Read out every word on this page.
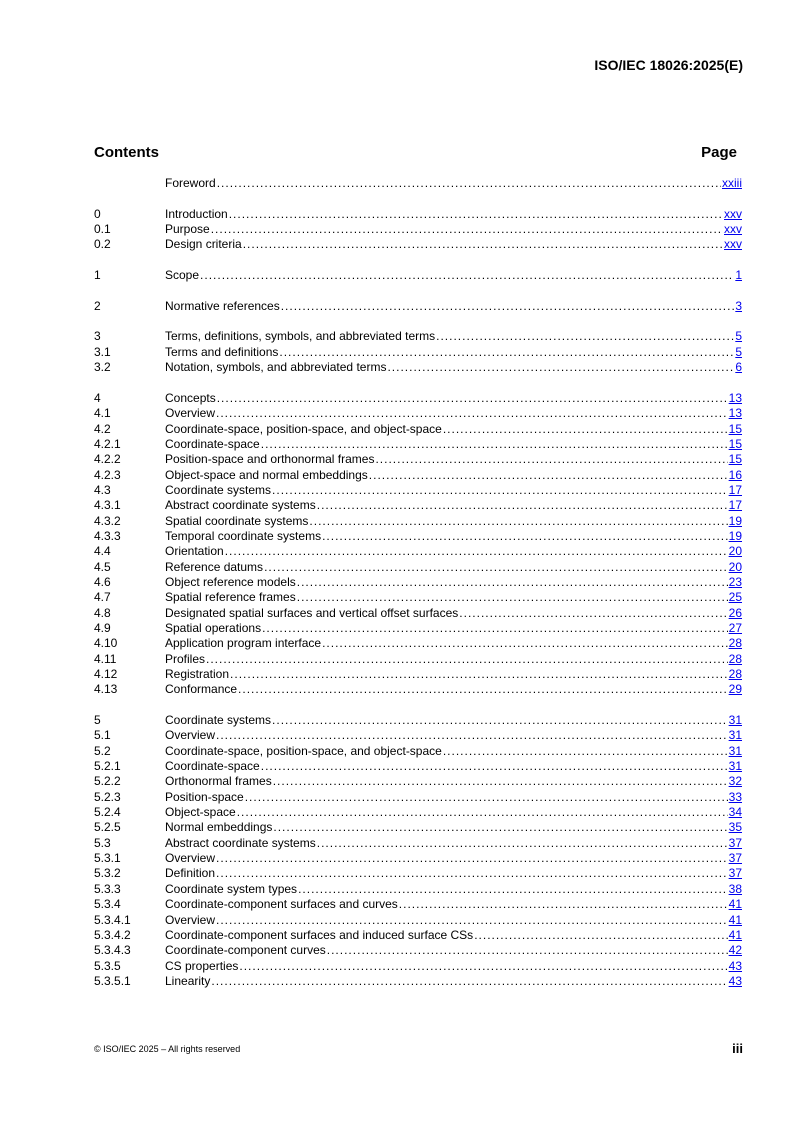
ISO/IEC 18026:2025(E)
Contents	Page
Foreword .....	xxiii
0	Introduction .....	xxv
0.1	Purpose .....	xxv
0.2	Design criteria .....	xxv
1	Scope .....	1
2	Normative references .....	3
3	Terms, definitions, symbols, and abbreviated terms .....	5
3.1	Terms and definitions .....	5
3.2	Notation, symbols, and abbreviated terms .....	6
4	Concepts .....	13
4.1	Overview .....	13
4.2	Coordinate-space, position-space, and object-space .....	15
4.2.1	Coordinate-space .....	15
4.2.2	Position-space and orthonormal frames .....	15
4.2.3	Object-space and normal embeddings .....	16
4.3	Coordinate systems .....	17
4.3.1	Abstract coordinate systems .....	17
4.3.2	Spatial coordinate systems .....	19
4.3.3	Temporal coordinate systems .....	19
4.4	Orientation .....	20
4.5	Reference datums .....	20
4.6	Object reference models .....	23
4.7	Spatial reference frames .....	25
4.8	Designated spatial surfaces and vertical offset surfaces .....	26
4.9	Spatial operations .....	27
4.10	Application program interface .....	28
4.11	Profiles .....	28
4.12	Registration .....	28
4.13	Conformance .....	29
5	Coordinate systems .....	31
5.1	Overview .....	31
5.2	Coordinate-space, position-space, and object-space .....	31
5.2.1	Coordinate-space .....	31
5.2.2	Orthonormal frames .....	32
5.2.3	Position-space .....	33
5.2.4	Object-space .....	34
5.2.5	Normal embeddings .....	35
5.3	Abstract coordinate systems .....	37
5.3.1	Overview .....	37
5.3.2	Definition .....	37
5.3.3	Coordinate system types .....	38
5.3.4	Coordinate-component surfaces and curves .....	41
5.3.4.1	Overview .....	41
5.3.4.2	Coordinate-component surfaces and induced surface CSs .....	41
5.3.4.3	Coordinate-component curves .....	42
5.3.5	CS properties .....	43
5.3.5.1	Linearity .....	43
© ISO/IEC 2025 – All rights reserved	iii
